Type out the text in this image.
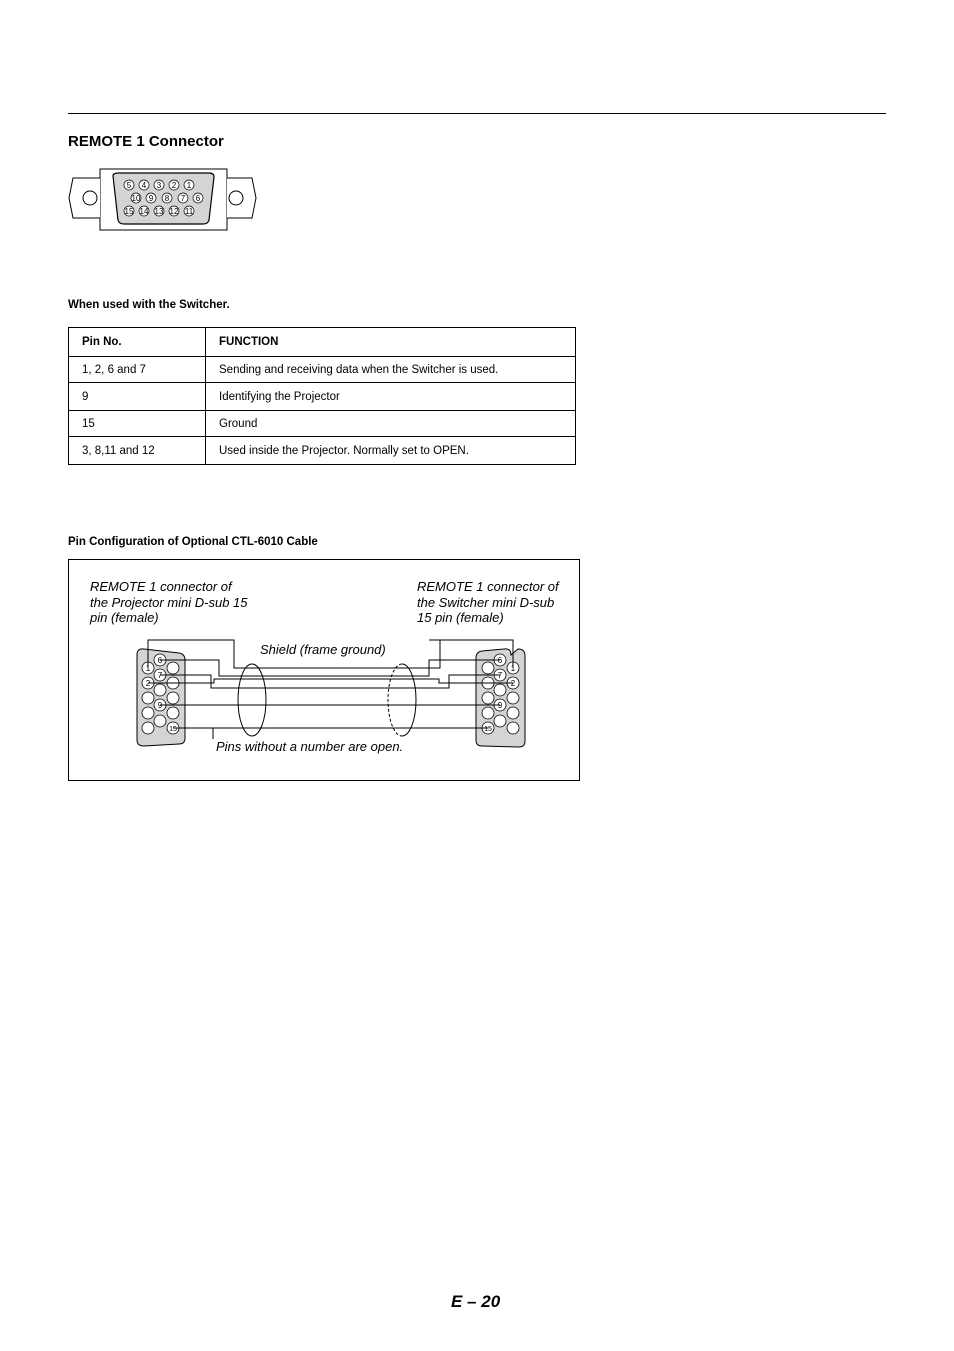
REMOTE 1 Connector
5 4 3 2 1
10 9 8 7 6
15 14 13 12 11
When used with the Switcher.
Pin No.	FUNCTION
1, 2, 6 and 7	Sending and receiving data when the Switcher is used.
9	Identifying the Projector
15	Ground
3, 8,11 and 12	Used inside the Projector. Normally set to OPEN.
Pin Configuration of Optional CTL-6010 Cable
1
6
7
2
9
15
6
1
7
2
9
15

REMOTE 1 connector of the Projector mini D-sub 15 pin (female)

REMOTE 1 connector of the Switcher mini D-sub 15 pin (female)

Shield (frame ground)

Pins without a number are open.

E – 20
